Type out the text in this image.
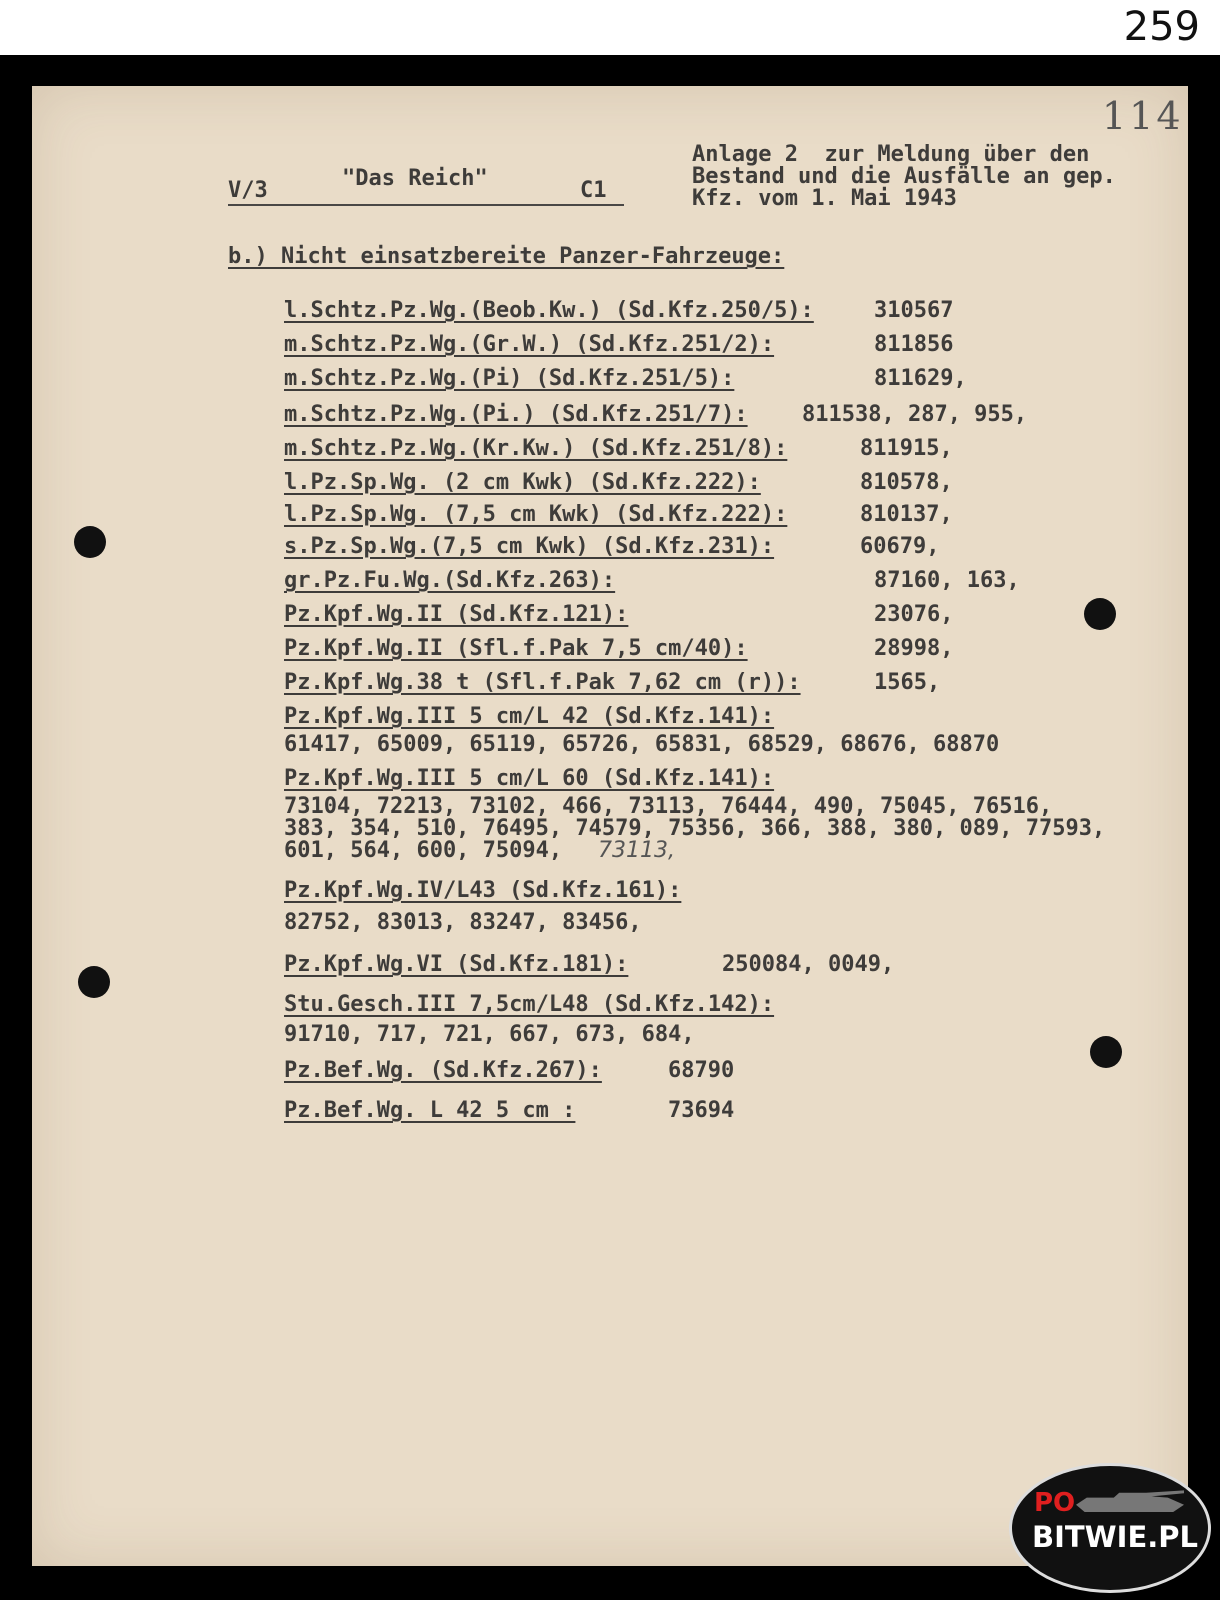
259
114
V/3	"Das Reich"	C1
Anlage 2  zur Meldung über den
Bestand und die Ausfälle an gep.
Kfz. vom 1. Mai 1943
b.) Nicht einsatzbereite Panzer-Fahrzeuge:
l.Schtz.Pz.Wg.(Beob.Kw.) (Sd.Kfz.250/5):	310567
m.Schtz.Pz.Wg.(Gr.W.) (Sd.Kfz.251/2):	811856
m.Schtz.Pz.Wg.(Pi) (Sd.Kfz.251/5):	811629,
m.Schtz.Pz.Wg.(Pi.) (Sd.Kfz.251/7): 811538, 287, 955,
m.Schtz.Pz.Wg.(Kr.Kw.) (Sd.Kfz.251/8):	811915,
l.Pz.Sp.Wg. (2 cm Kwk) (Sd.Kfz.222):	810578,
l.Pz.Sp.Wg. (7,5 cm Kwk) (Sd.Kfz.222):	810137,
s.Pz.Sp.Wg.(7,5 cm Kwk) (Sd.Kfz.231):	60679,
gr.Pz.Fu.Wg.(Sd.Kfz.263):	87160, 163,
Pz.Kpf.Wg.II (Sd.Kfz.121):	23076,
Pz.Kpf.Wg.II (Sfl.f.Pak 7,5 cm/40):	28998,
Pz.Kpf.Wg.38 t (Sfl.f.Pak 7,62 cm (r)):	1565,
Pz.Kpf.Wg.III 5 cm/L 42 (Sd.Kfz.141):
61417, 65009, 65119, 65726, 65831, 68529, 68676, 68870
Pz.Kpf.Wg.III 5 cm/L 60 (Sd.Kfz.141):
73104, 72213, 73102, 466, 73113, 76444, 490, 75045, 76516,
383, 354, 510, 76495, 74579, 75356, 366, 388, 380, 089, 77593,
601, 564, 600, 75094, 73113,
Pz.Kpf.Wg.IV/L43 (Sd.Kfz.161):
82752, 83013, 83247, 83456,
Pz.Kpf.Wg.VI (Sd.Kfz.181):	250084, 0049,
Stu.Gesch.III 7,5cm/L48 (Sd.Kfz.142):
91710, 717, 721, 667, 673, 684,
Pz.Bef.Wg. (Sd.Kfz.267):	68790
Pz.Bef.Wg. L 42 5 cm :	73694
PO
BITWIE.PL
